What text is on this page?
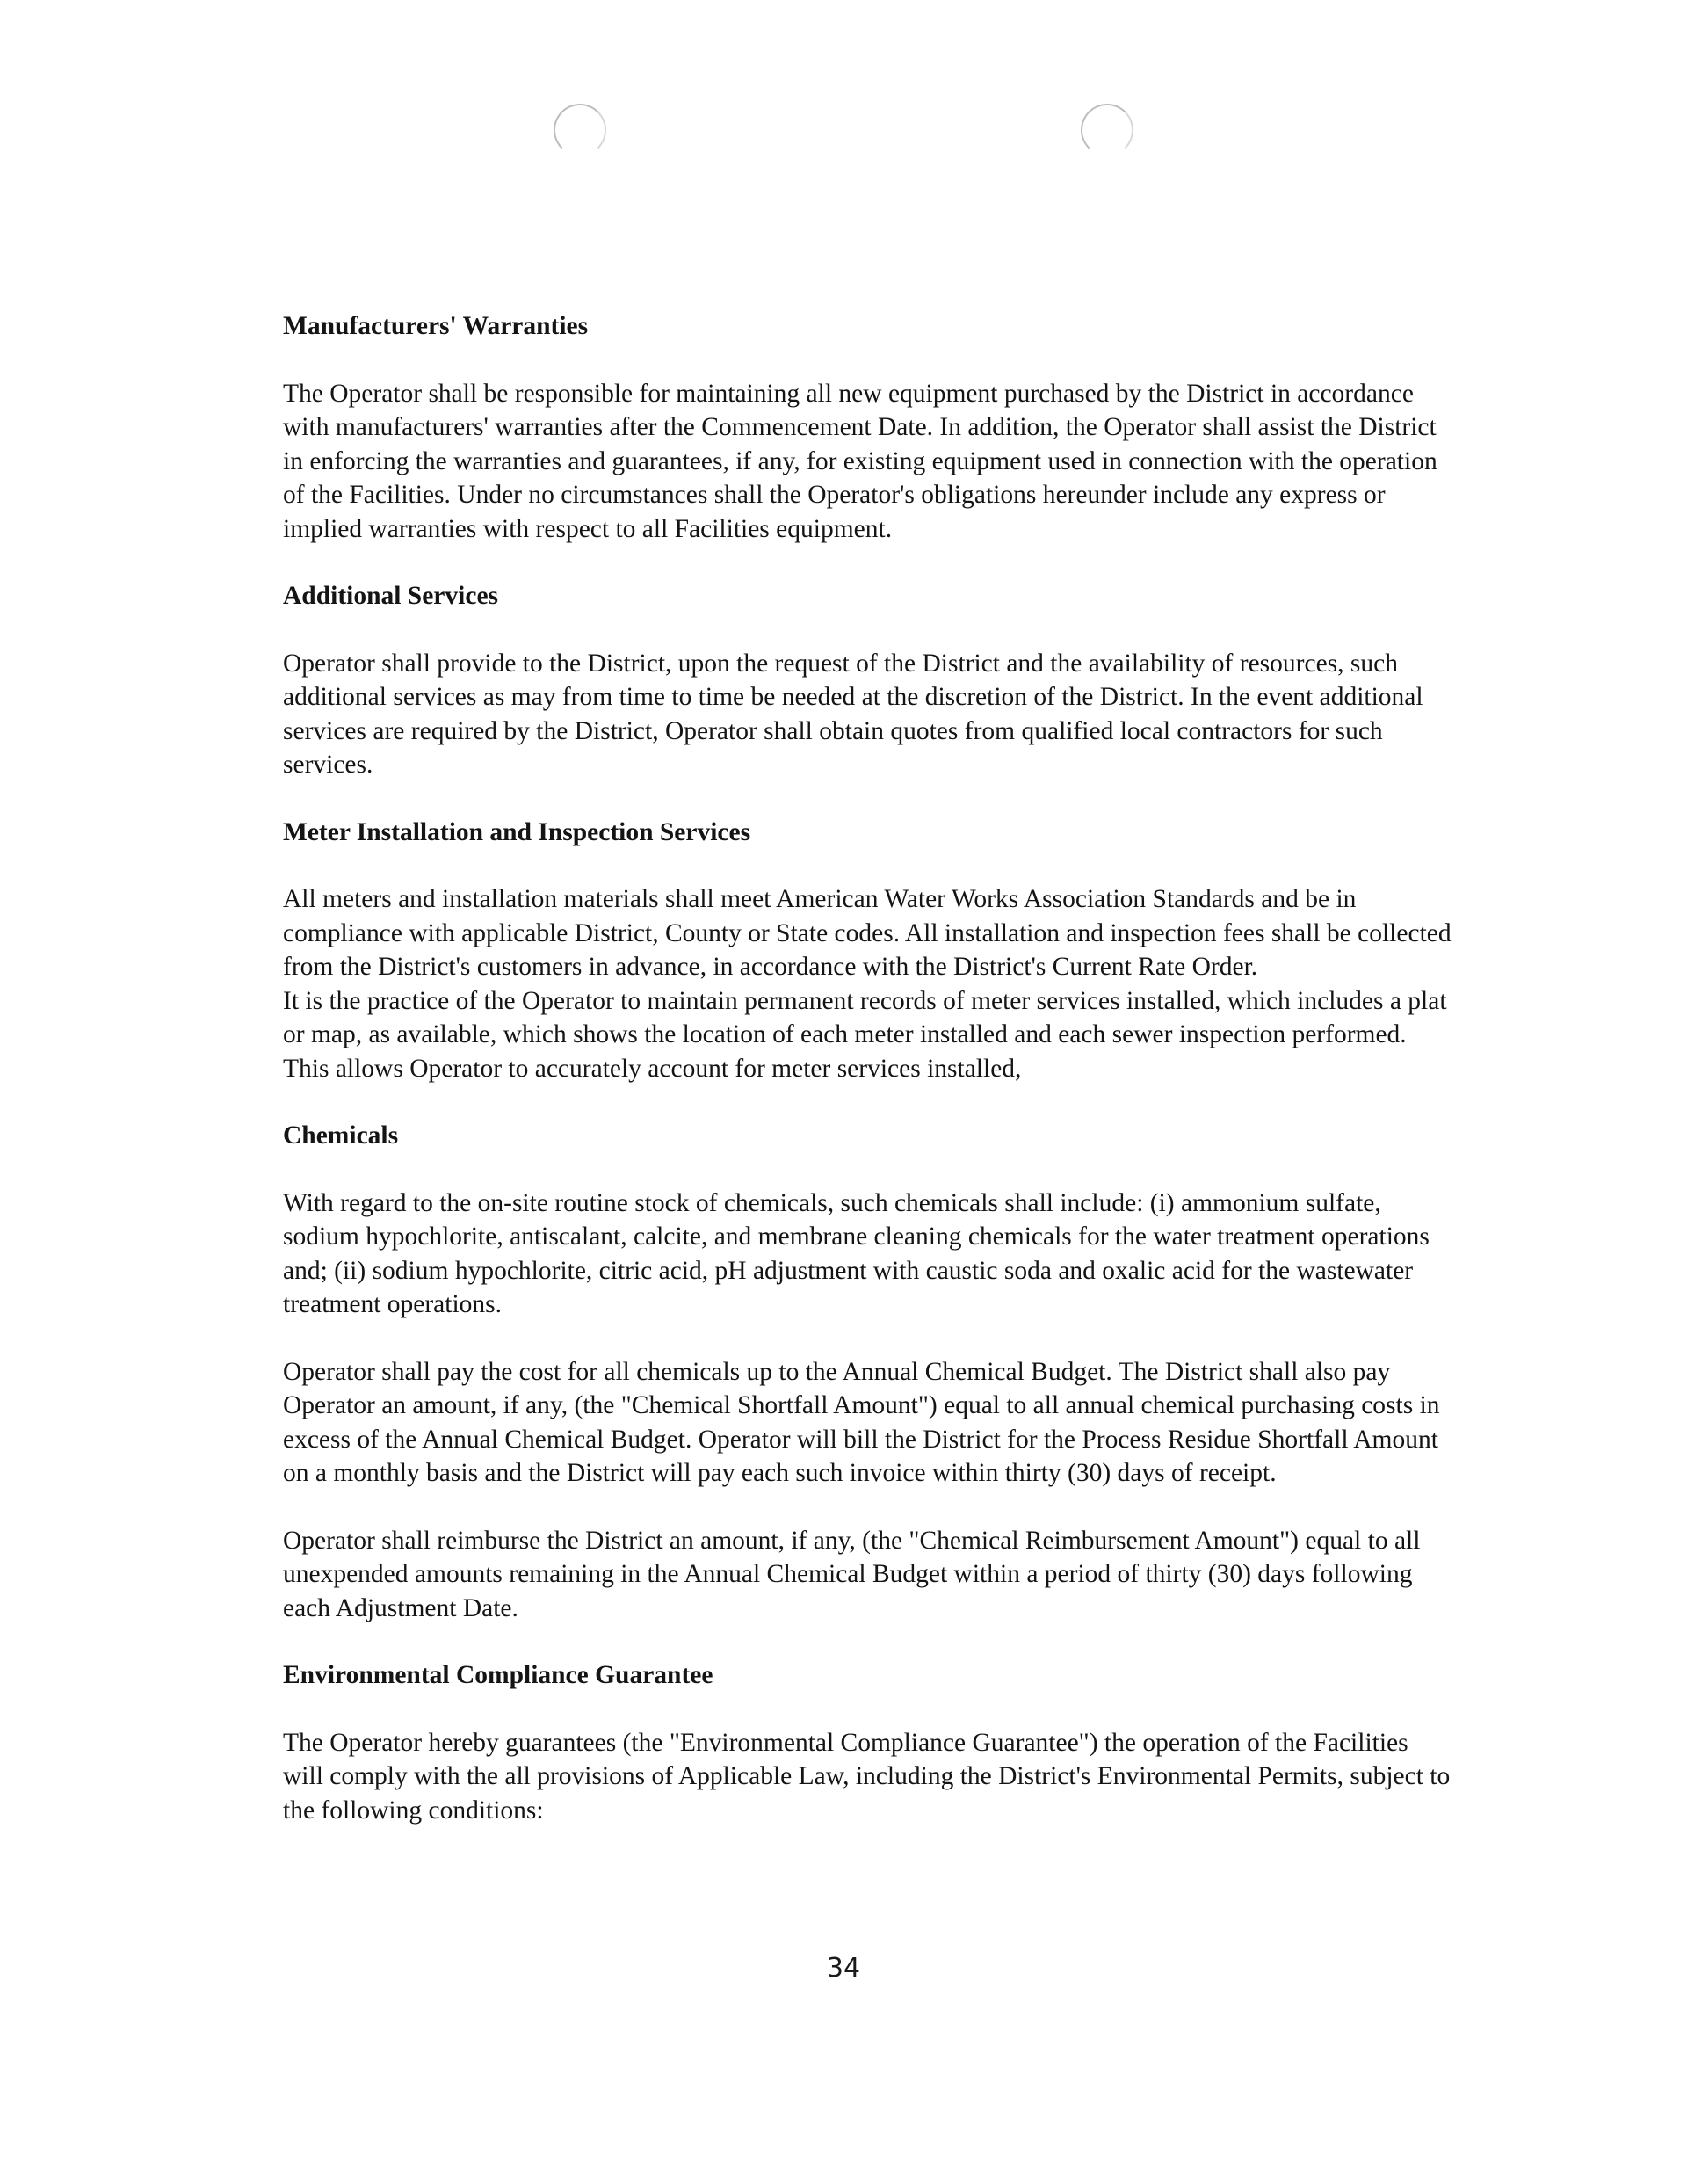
Manufacturers' Warranties

The Operator shall be responsible for maintaining all new equipment purchased by the District in accordance with manufacturers' warranties after the Commencement Date. In addition, the Operator shall assist the District in enforcing the warranties and guarantees, if any, for existing equipment used in connection with the operation of the Facilities. Under no circumstances shall the Operator's obligations hereunder include any express or implied warranties with respect to all Facilities equipment.

Additional Services

Operator shall provide to the District, upon the request of the District and the availability of resources, such additional services as may from time to time be needed at the discretion of the District. In the event additional services are required by the District, Operator shall obtain quotes from qualified local contractors for such services.

Meter Installation and Inspection Services

All meters and installation materials shall meet American Water Works Association Standards and be in compliance with applicable District, County or State codes. All installation and inspection fees shall be collected from the District's customers in advance, in accordance with the District's Current Rate Order.

It is the practice of the Operator to maintain permanent records of meter services installed, which includes a plat or map, as available, which shows the location of each meter installed and each sewer inspection performed. This allows Operator to accurately account for meter services installed,

Chemicals

With regard to the on-site routine stock of chemicals, such chemicals shall include: (i) ammonium sulfate, sodium hypochlorite, antiscalant, calcite, and membrane cleaning chemicals for the water treatment operations and; (ii) sodium hypochlorite, citric acid, pH adjustment with caustic soda and oxalic acid for the wastewater treatment operations.

Operator shall pay the cost for all chemicals up to the Annual Chemical Budget. The District shall also pay Operator an amount, if any, (the "Chemical Shortfall Amount") equal to all annual chemical purchasing costs in excess of the Annual Chemical Budget. Operator will bill the District for the Process Residue Shortfall Amount on a monthly basis and the District will pay each such invoice within thirty (30) days of receipt.

Operator shall reimburse the District an amount, if any, (the "Chemical Reimbursement Amount") equal to all unexpended amounts remaining in the Annual Chemical Budget within a period of thirty (30) days following each Adjustment Date.

Environmental Compliance Guarantee

The Operator hereby guarantees (the "Environmental Compliance Guarantee") the operation of the Facilities will comply with the all provisions of Applicable Law, including the District's Environmental Permits, subject to the following conditions:

34
